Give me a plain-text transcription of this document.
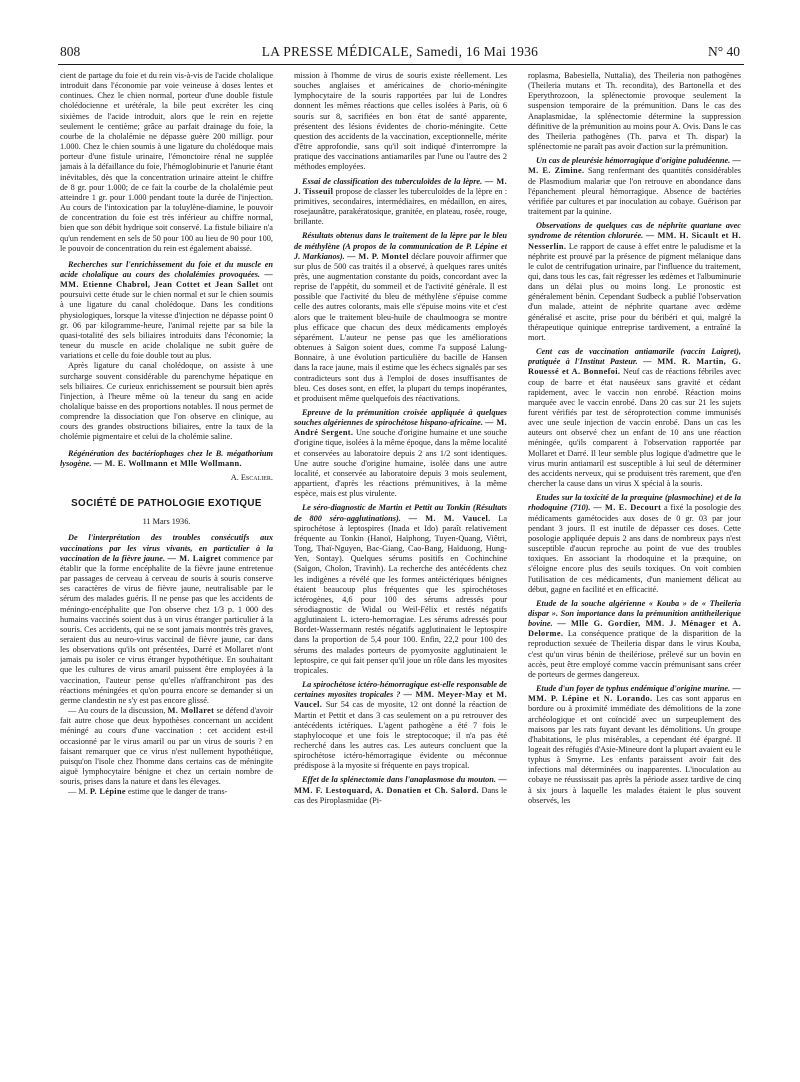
808	LA PRESSE MÉDICALE, Samedi, 16 Mai 1936	N° 40

cient de partage du foie et du rein vis-à-vis de l'acide cholalique introduit dans l'économie par voie veineuse à doses lentes et continues. Chez le chien normal, porteur d'une double fistule cholédocienne et urétérale, la bile peut excréter les cinq sixièmes de l'acide introduit, alors que le rein en rejette seulement le centième; grâce au parfait drainage du foie, la courbe de la cholalémie ne dépasse guère 200 milligr. pour 1.000. Chez le chien soumis à une ligature du cholédoque mais porteur d'une fistule urinaire, l'émonctoire rénal ne supplée jamais à la défaillance du foie, l'hémoglobinurie et l'anurie étant inévitables, dès que la concentration urinaire atteint le chiffre de 8 gr. pour 1.000; de ce fait la courbe de la cholalémie peut atteindre 1 gr. pour 1.000 pendant toute la durée de l'injection. Au cours de l'intoxication par la toluylène-diamine, le pouvoir de concentration du foie est très inférieur au chiffre normal, bien que son débit hydrique soit conservé. La fistule biliaire n'a qu'un rendement en sels de 50 pour 100 au lieu de 90 pour 100, le pouvoir de concentration du rein est également abaissé.

Recherches sur l'enrichissement du foie et du muscle en acide cholalique au cours des cholalémies provoquées. — MM. Etienne Chabrol, Jean Cottet et Jean Sallet ont poursuivi cette étude sur le chien normal et sur le chien soumis à une ligature du canal cholédoque. Dans les conditions physiologiques, lorsque la vitesse d'injection ne dépasse point 0 gr. 06 par kilogramme-heure, l'animal rejette par sa bile la quasi-totalité des sels biliaires introduits dans l'économie; la teneur du muscle en acide cholalique ne subit guère de variations et celle du foie double tout au plus.

Après ligature du canal cholédoque, on assiste à une surcharge souvent considérable du parenchyme hépatique en sels biliaires. Ce curieux enrichissement se poursuit bien après l'injection, à l'heure même où la teneur du sang en acide cholalique baisse en des proportions notables. Il nous permet de comprendre la dissociation que l'on observe en clinique, au cours des grandes obstructions biliaires, entre la taux de la cholémie pigmentaire et celui de la cholémie saline.

Régénération des bactériophages chez le B. mégathorium lysogène. — M. E. Wollmann et Mlle Wollmann.

A. Escalier.

SOCIÉTÉ DE PATHOLOGIE EXOTIQUE
11 Mars 1936.

De l'interprétation des troubles consécutifs aux vaccinations par les virus vivants, en particulier à la vaccination de la fièvre jaune. — M. Laigret commence par établir que la forme encéphalite de la fièvre jaune entretenue par passages de cerveau à cerveau de souris à souris conserve ses caractères de virus de fièvre jaune, neutralisable par le sérum des malades guéris. Il ne pense pas que les accidents de méningo-encéphalite que l'on observe chez 1/3 p. 1 000 des humains vaccinés soient dus à un virus étranger particulier à la souris. Ces accidents, qui ne se sont jamais montrés très graves, seraient dus au neuro-virus vaccinal de fièvre jaune, car dans les observations qu'ils ont présentées, Darré et Mollaret n'ont jamais pu isoler ce virus étranger hypothétique. En souhaitant que les cultures de virus amaril puissent être employées à la vaccination, l'auteur pense qu'elles n'affranchiront pas des réactions méningées et qu'on pourra encore se demander si un germe clandestin ne s'y est pas encore glissé.

— Au cours de la discussion, M. Mollaret se défend d'avoir fait autre chose que deux hypothèses concernant un accident méningé au cours d'une vaccination : cet accident est-il occasionné par le virus amaril ou par un virus de souris ? en faisant remarquer que ce virus n'est nullement hypothétique, puisqu'on l'isole chez l'homme dans certains cas de méningite aiguë lymphocytaire bénigne et chez un certain nombre de souris, prises dans la nature et dans les élevages.

— M. P. Lépine estime que le danger de trans-

mission à l'homme de virus de souris existe réellement. Les souches anglaises et américaines de chorio-méningite lymphocytaire de la souris rapportées par lui de Londres donnent les mêmes réactions que celles isolées à Paris, où 6 souris sur 8, sacrifiées en bon état de santé apparente, présentent des lésions évidentes de chorio-méningite. Cette question des accidents de la vaccination, exceptionnelle, mérite d'être approfondie, sans qu'il soit indiqué d'interrompre la pratique des vaccinations antiamariles par l'une ou l'autre des 2 méthodes employées.

Essai de classification des tuberculoïdes de la lèpre. — M. J. Tisseuil propose de classer les tuberculoïdes de la lèpre en : primitives, secondaires, intermédiaires, en médaillon, en aires, rosejaunâtre, parakératosique, granitée, en plateau, rosée, rouge, brillante.

Résultats obtenus dans le traitement de la lèpre par le bleu de méthylène (A propos de la communication de P. Lépine et J. Markianos). — M. P. Montel déclare pouvoir affirmer que sur plus de 500 cas traités il a observé, à quelques rares unités près, une augmentation constante du poids, concordant avec la reprise de l'appétit, du sommeil et de l'activité générale. Il est possible que l'activité du bleu de méthylène s'épuise comme celle des autres colorants, mais elle s'épuise moins vite et c'est alors que le traitement bleu-huile de chaulmoogra se montre plus efficace que chacun des deux médicaments employés séparément. L'auteur ne pense pas que les améliorations obtenues à Saïgon soient dues, comme l'a supposé Lalung-Bonnaire, à une évolution particulière du bacille de Hansen dans la race jaune, mais il estime que les échecs signalés par ses contradicteurs sont dus à l'emploi de doses insuffisantes de bleu. Ces doses sont, en effet, la plupart du temps inopérantes, et produisent même quelquefois des réactivations.

Epreuve de la prémunition croisée appliquée à quelques souches algériennes de spirochétose hispano-africaine. — M. André Sergent. Une souche d'origine humaine et une souche d'origine tique, isolées à la même époque, dans la même localité et conservées au laboratoire depuis 2 ans 1/2 sont identiques. Une autre souche d'origine humaine, isolée dans une autre localité, et conservée au laboratoire depuis 3 mois seulement, appartient, d'après les réactions prémunitives, à la même espèce, mais est plus virulente.

Le séro-diagnostic de Martin et Pettit au Tonkin (Résultats de 800 séro-agglutinations). — M. M. Vaucel. La spirochétose à leptospires (Inada et Ido) paraît relativement fréquente au Tonkin (Hanoï, Haïphong, Tuyen-Quang, Viêtri, Tong, Thaï-Nguyen, Bac-Giang, Cao-Bang, Haïduong, Hung-Yen, Sontay). Quelques sérums positifs en Cochinchine (Saïgon, Cholon, Travinh). La recherche des antécédents chez les indigènes a révélé que les formes antéictériques bénignes étaient beaucoup plus fréquentes que les spirochétoses ictérogènes, 4,6 pour 100 des sérums adressés pour sérodiagnostic de Widal ou Weil-Félix et restés négatifs agglutinaient L. ictero-hemorragiae. Les sérums adressés pour Bordet-Wassermann restés négatifs agglutinaient le leptospire dans la proportion de 5,4 pour 100. Enfin, 22,2 pour 100 des sérums des malades porteurs de pyomyosite agglutinaient le leptospire, ce qui fait penser qu'il joue un rôle dans les myosites tropicales.

La spirochétose ictéro-hémorragique est-elle responsable de certaines myosites tropicales ? — MM. Meyer-May et M. Vaucel. Sur 54 cas de myosite, 12 ont donné la réaction de Martin et Pettit et dans 3 cas seulement on a pu retrouver des antécédents ictériques. L'agent pathogène a été 7 fois le staphylocoque et une fois le streptocoque; il n'a pas été recherché dans les autres cas. Les auteurs concluent que la spirochétose ictéro-hémorragique évidente ou méconnue prédispose à la myosite si fréquente en pays tropical.

Effet de la splénectomie dans l'anaplasmose du mouton. — MM. F. Lestoquard, A. Donatien et Ch. Salord. Dans le cas des Piroplasmidae (Pi-

roplasma, Babesiella, Nuttalia), des Theileria non pathogènes (Theileria mutans et Th. recondita), des Bartonella et des Eperythrozoon, la splénectomie provoque seulement la suspension temporaire de la prémunition. Dans le cas des Anaplasmidae, la splénectomie détermine la suppression définitive de la prémunition au moins pour A. Ovis. Dans le cas des Theileria pathogènes (Th. parva et Th. dispar) la splénectomie ne paraît pas avoir d'action sur la prémunition.

Un cas de pleurésie hémorragique d'origine paludéenne. — M. E. Zimine. Sang renfermant des quantités considérables de Plasmodium malariæ que l'on retrouve en abondance dans l'épanchement pleural hémorragique. Absence de bactéries vérifiée par cultures et par inoculation au cobaye. Guérison par traitement par la quinine.

Observations de quelques cas de néphrite quartane avec syndrome de rétention chlorurée. — MM. H. Sicault et H. Nesserlin. Le rapport de cause à effet entre le paludisme et la néphrite est prouvé par la présence de pigment mélanique dans le culot de centrifugation urinaire, par l'influence du traitement, qui, dans tous les cas, fait régresser les œdèmes et l'albuminurie dans un délai plus ou moins long. Le pronostic est généralement bénin. Cependant Sudbeck a publié l'observation d'un malade, atteint de néphrite quartane avec œdème généralisé et ascite, prise pour du béribéri et qui, malgré la thérapeutique quinique entreprise tardivement, a entraîné la mort.

Cent cas de vaccination antiamarile (vaccin Laigret), pratiquée à l'Institut Pasteur. — MM. R. Martin, G. Rouessé et A. Bonnefoi. Neuf cas de réactions fébriles avec coup de barre et état nauséeux sans gravité et cédant rapidement, avec le vaccin non enrobé. Réaction moins marquée avec le vaccin enrobé. Dans 20 cas sur 21 les sujets furent vérifiés par test de séroprotection comme immunisés avec une seule injection de vaccin enrobé. Dans un cas les auteurs ont observé chez un enfant de 10 ans une réaction méningée, qu'ils comparent à l'observation rapportée par Mollaret et Darré. Il leur semble plus logique d'admettre que le virus murin antiamaril est susceptible à lui seul de déterminer des accidents nerveux, qui se produisent très rarement, que d'en chercher la cause dans un virus X spécial à la souris.

Etudes sur la toxicité de la præquine (plasmochine) et de la rhodoquine (710). — M. E. Decourt a fixé la posologie des médicaments gamétocides aux doses de 0 gr. 03 par jour pendant 3 jours. Il est inutile de dépasser ces doses. Cette posologie appliquée depuis 2 ans dans de nombreux pays n'est susceptible d'aucun reproche au point de vue des troubles toxiques. En associant la rhodoquine et la præquine, on s'éloigne encore plus des seuils toxiques. On voit combien l'utilisation de ces médicaments, d'un maniement délicat au début, gagne en facilité et en efficacité.

Etude de la souche algérienne « Kouba » de « Theileria dispar ». Son importance dans la prémunition antitheilerique bovine. — Mlle G. Gordier, MM. J. Ménager et A. Delorme. La conséquence pratique de la disparition de la reproduction sexuée de Theileria dispar dans le virus Kouba, c'est qu'un virus bénin de theilériose, prélevé sur un bovin en accès, peut être employé comme vaccin prémunisant sans créer de porteurs de germes dangereux.

Etude d'un foyer de typhus endémique d'origine murine. — MM. P. Lépine et N. Lorando. Les cas sont apparus en bordure ou à proximité immédiate des démolitions de la zone archéologique et ont coïncidé avec un surpeuplement des maisons par les rats fuyant devant les démolitions. Un groupe d'habitations, le plus misérables, a cependant été épargné. Il logeait des réfugiés d'Asie-Mineure dont la plupart avaient eu le typhus à Smyrne. Les enfants paraissent avoir fait des infections mal déterminées ou inapparentes. L'inoculation au cobaye ne réussissait pas après la période assez tardive de cinq à six jours à laquelle les malades étaient le plus souvent observés, les
